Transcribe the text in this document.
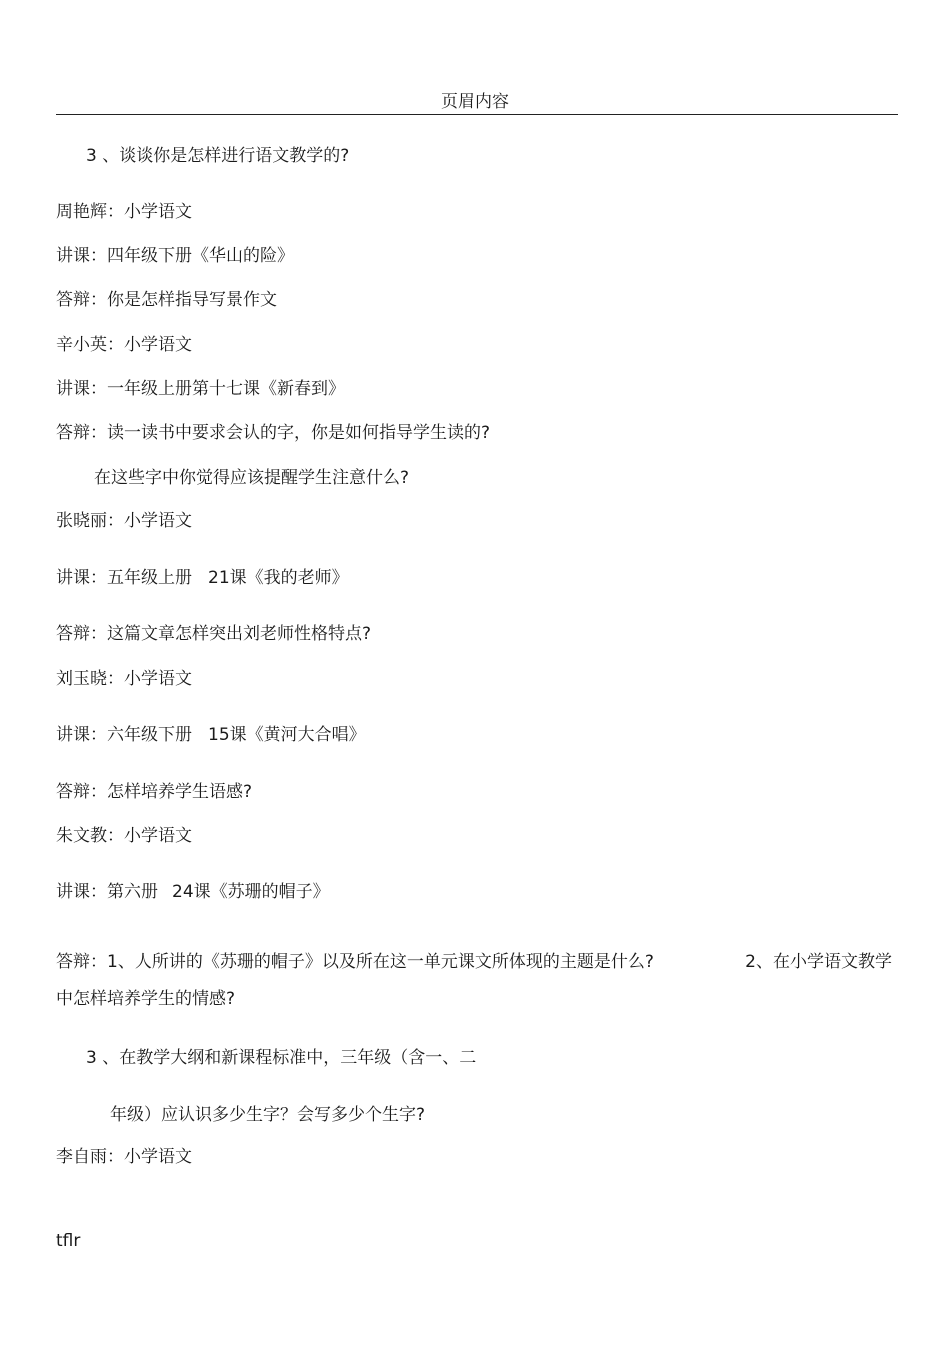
页眉内容
3 、谈谈你是怎样进行语文教学的?
周艳辉：小学语文
讲课：四年级下册《华山的险》
答辩：你是怎样指导写景作文
辛小英：小学语文
讲课：一年级上册第十七课《新春到》
答辩：读一读书中要求会认的字，你是如何指导学生读的?
在这些字中你觉得应该提醒学生注意什么?
张晓丽：小学语文
讲课：五年级上册 21课《我的老师》
答辩：这篇文章怎样突出刘老师性格特点?
刘玉晓：小学语文
讲课：六年级下册 15课《黄河大合唱》
答辩：怎样培养学生语感?
朱文教：小学语文
讲课：第六册 24课《苏珊的帽子》
答辩：1、人所讲的《苏珊的帽子》以及所在这一单元课文所体现的主题是什么?	2、在小学语文教学
中怎样培养学生的情感?
3 、在教学大纲和新课程标准中，三年级（含一、二
年级）应认识多少生字？会写多少个生字?
李自雨：小学语文
tflr
